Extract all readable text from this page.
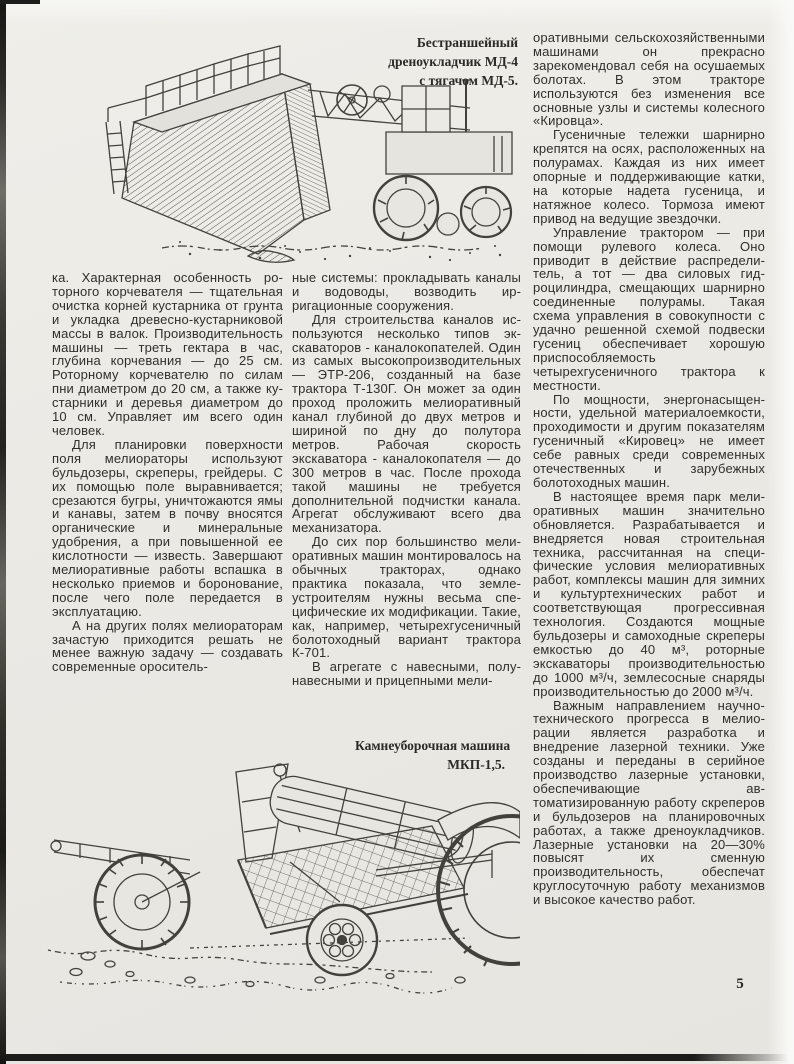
Бестраншейный
дреноукладчик МД-4
с тягачом МД-5.

ка. Характерная особенность роторного корчевателя — тщательная очистка корней кустарника от грунта и укладка древесно-кустарниковой массы в валок. Производительность машины — треть гектара в час, глубина корчевания — до 25 см. Роторному корчевателю по силам пни диаметром до 20 см, а также кустарники и деревья диаметром до 10 см. Управляет им всего один человек.

Для планировки поверхности поля мелиораторы используют бульдозеры, скреперы, грейдеры. С их помощью поле выравнивается; срезаются бугры, уничтожаются ямы и канавы, затем в почву вносятся органические и минеральные удобрения, а при повышенной ее кислотности — известь. Завершают мелиоративные работы вспашка в несколько приемов и боронование, после чего поле передается в эксплуатацию.

А на других полях мелиораторам зачастую приходится решать не менее важную задачу — создавать современные ороситель-

ные системы: прокладывать каналы и водоводы, возводить ирригационные сооружения.

Для строительства каналов используются несколько типов экскаваторов - каналокопателей. Один из самых высокопроизводительных — ЭТР-206, созданный на базе трактора Т-130Г. Он может за один проход проложить мелиоративный канал глубиной до двух метров и шириной по дну до полутора метров. Рабочая скорость экскаватора - каналокопателя — до 300 метров в час. После прохода такой машины не требуется дополнительной подчистки канала. Агрегат обслуживают всего два механизатора.

До сих пор большинство мелиоративных машин монтировалось на обычных тракторах, однако практика показала, что землеустроителям нужны весьма специфические их модификации. Такие, как, например, четырехгусеничный болотоходный вариант трактора К-701.

В агрегате с навесными, полунавесными и прицепными мели-

оративными сельскохозяйственными машинами он прекрасно зарекомендовал себя на осушаемых болотах. В этом тракторе используются без изменения все основные узлы и системы колесного «Кировца».

Гусеничные тележки шарнирно крепятся на осях, расположенных на полурамах. Каждая из них имеет опорные и поддерживающие катки, на которые надета гусеница, и натяжное колесо. Тормоза имеют привод на ведущие звездочки.

Управление трактором — при помощи рулевого колеса. Оно приводит в действие распределитель, а тот — два силовых гидроцилиндра, смещающих шарнирно соединенные полурамы. Такая схема управления в совокупности с удачно решенной схемой подвески гусениц обеспечивает хорошую приспособляемость четырехгусеничного трактора к местности.

По мощности, энергонасыщенности, удельной материалоемкости, проходимости и другим показателям гусеничный «Кировец» не имеет себе равных среди современных отечественных и зарубежных болотоходных машин.

В настоящее время парк мелиоративных машин значительно обновляется. Разрабатывается и внедряется новая строительная техника, рассчитанная на специфические условия мелиоративных работ, комплексы машин для зимних и культуртехнических работ и соответствующая прогрессивная технология. Создаются мощные бульдозеры и самоходные скреперы емкостью до 40 м³, роторные экскаваторы производительностью до 1000 м³/ч, землесосные снаряды производительностью до 2000 м³/ч.

Важным направлением научно-технического прогресса в мелиорации является разработка и внедрение лазерной техники. Уже созданы и переданы в серийное производство лазерные установки, обеспечивающие автоматизированную работу скреперов и бульдозеров на планировочных работах, а также дреноукладчиков. Лазерные установки на 20—30% повысят их сменную производительность, обеспечат круглосуточную работу механизмов и высокое качество работ.

Камнеуборочная машина
МКП-1,5.
5
